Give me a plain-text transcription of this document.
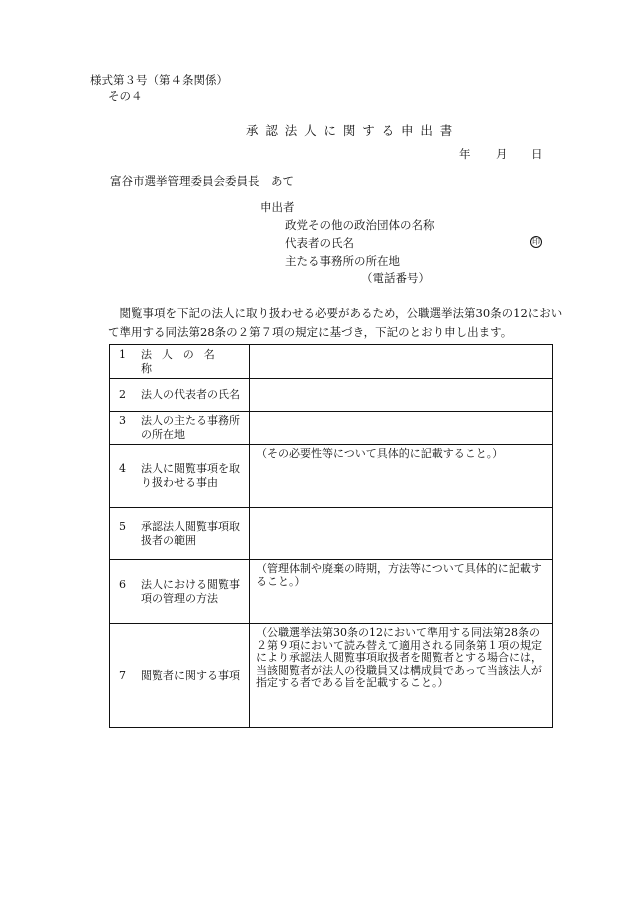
様式第３号（第４条関係）
その４
承認法人に関する申出書
年 月 日
富谷市選挙管理委員会委員長　あて
申出者
政党その他の政治団体の名称
代表者の氏名	印
主たる事務所の所在地
（電話番号）
　閲覧事項を下記の法人に取り扱わせる必要があるため，公職選挙法第30条の12において準用する同法第28条の２第７項の規定に基づき，下記のとおり申し出ます。
1 法人の名称	

2 法人の代表者の氏名	

3 法人の主たる事務所の所在地	

4 法人に閲覧事項を取り扱わせる事由	（その必要性等について具体的に記載すること。）

5 承認法人閲覧事項取扱者の範囲	

6 法人における閲覧事項の管理の方法	（管理体制や廃棄の時期，方法等について具体的に記載すること。）

7 閲覧者に関する事項	（公職選挙法第30条の12において準用する同法第28条の２第９項において読み替えて適用される同条第１項の規定により承認法人閲覧事項取扱者を閲覧者とする場合には，当該閲覧者が法人の役職員又は構成員であって当該法人が指定する者である旨を記載すること。）
